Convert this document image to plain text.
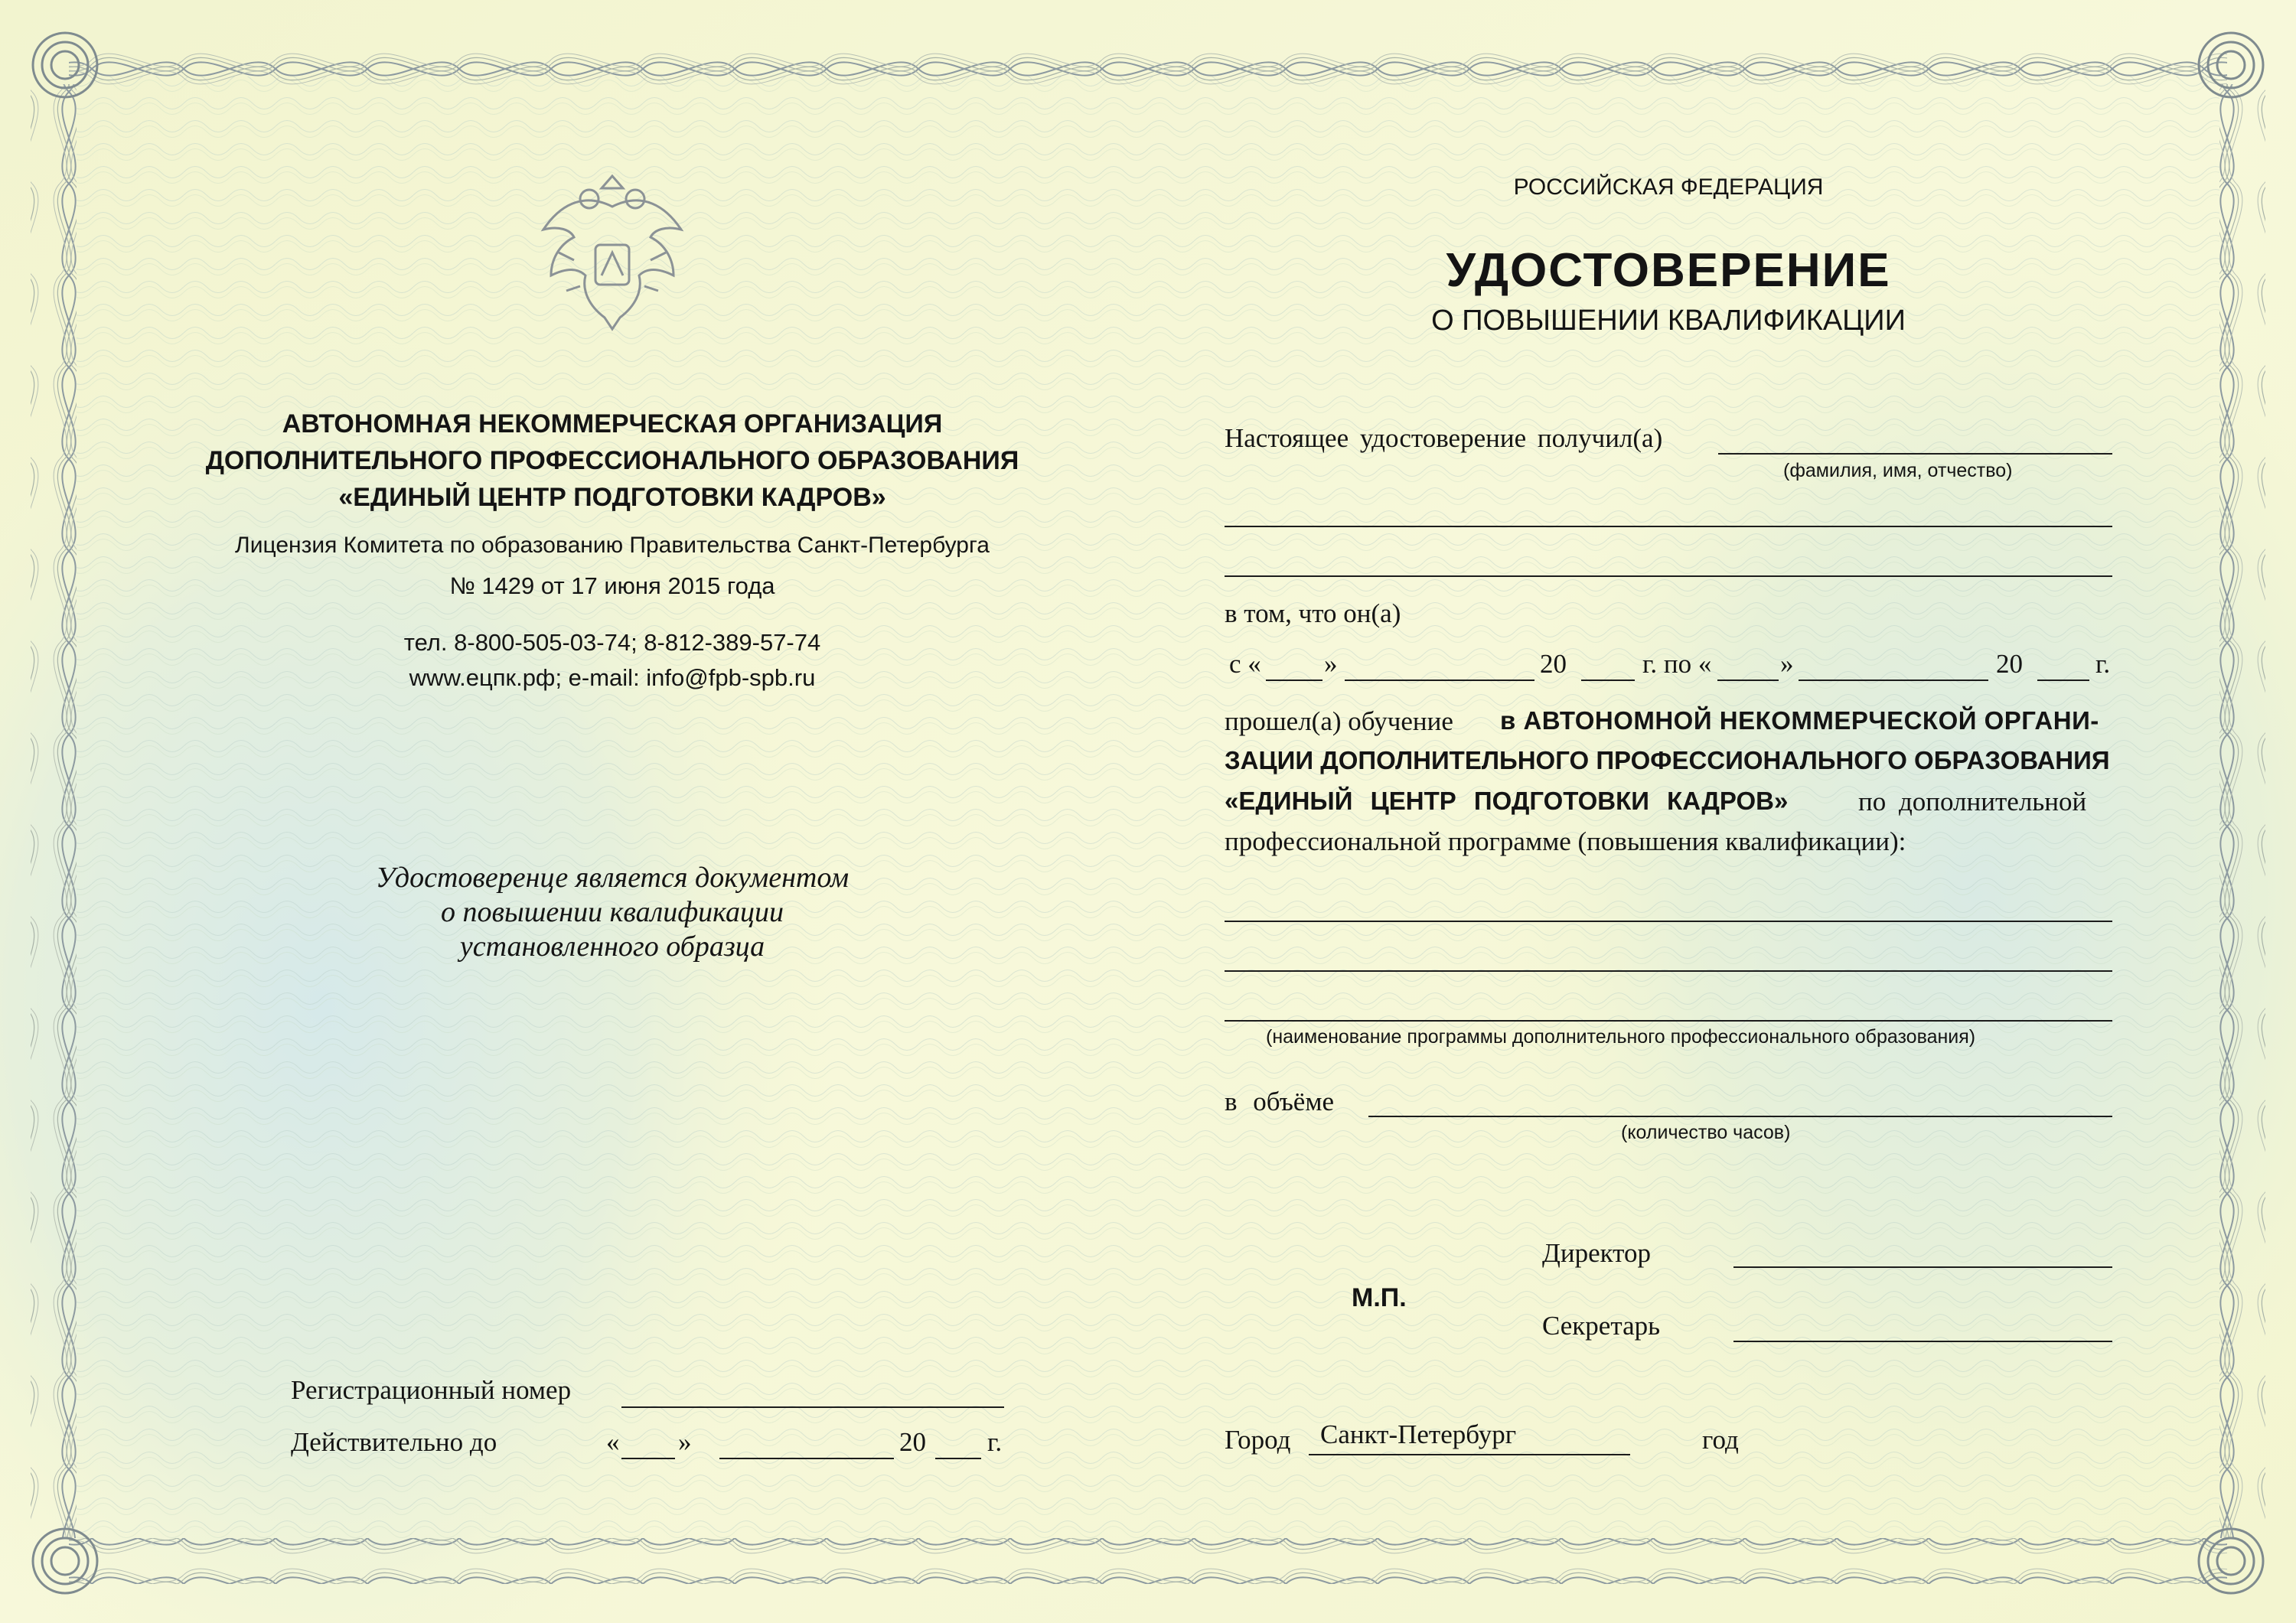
АВТОНОМНАЯ НЕКОММЕРЧЕСКАЯ ОРГАНИЗАЦИЯ
ДОПОЛНИТЕЛЬНОГО ПРОФЕССИОНАЛЬНОГО ОБРАЗОВАНИЯ
«ЕДИНЫЙ ЦЕНТР ПОДГОТОВКИ КАДРОВ»
Лицензия Комитета по образованию Правительства Санкт-Петербурга
№ 1429 от 17 июня 2015 года
тел. 8-800-505-03-74; 8-812-389-57-74
www.ецпк.рф; e-mail: info@fpb-spb.ru
Удостоверенце является документом
о повышении квалификации
установленного образца
Регистрационный номер
Действительно до	« »	20 г.
РОССИЙСКАЯ ФЕДЕРАЦИЯ
УДОСТОВЕРЕНИЕ
О ПОВЫШЕНИИ КВАЛИФИКАЦИИ
Настоящее удостоверение получил(а)
(фамилия, имя, отчество)
в том, что он(а)
с « »	20	г. по «	»	20	г.
прошел(а) обучение в АВТОНОМНОЙ НЕКОММЕРЧЕСКОЙ ОРГАНИ-
ЗАЦИИ ДОПОЛНИТЕЛЬНОГО ПРОФЕССИОНАЛЬНОГО ОБРАЗОВАНИЯ
«ЕДИНЫЙ ЦЕНТР ПОДГОТОВКИ КАДРОВ»	по дополнительной
профессиональной программе (повышения квалификации):
(наименование программы дополнительного профессионального образования)
в объёме
(количество часов)
Директор
М.П.
Секретарь
Город Санкт-Петербург	год
